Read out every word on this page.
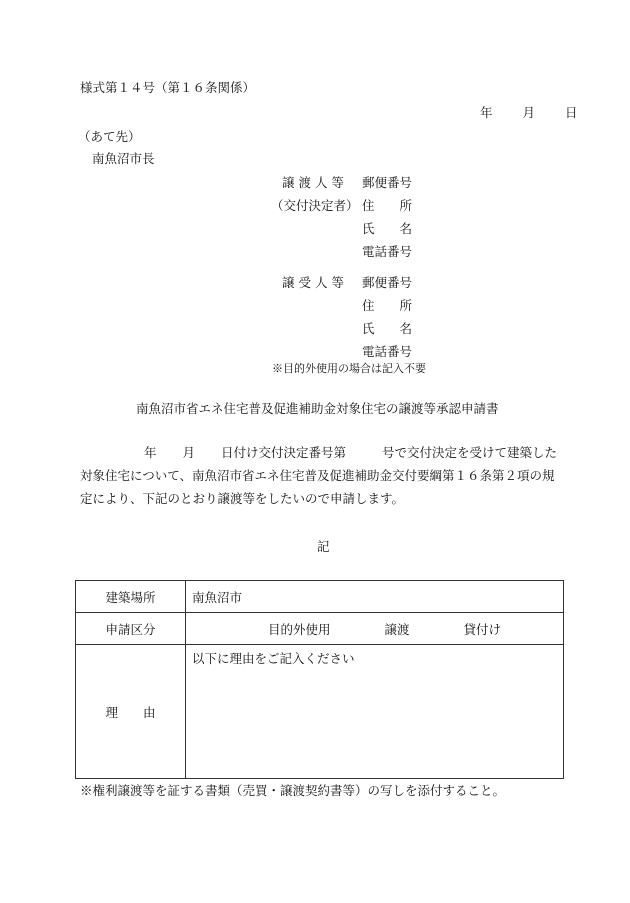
様式第１４号（第１６条関係）
年 月 日
（あて先）
南魚沼市長
譲 渡 人 等
（交付決定者）
郵便番号
住　　所
氏　　名
電話番号
譲 受 人 等 郵便番号
住　　所
氏　　名
電話番号
※目的外使用の場合は記入不要
南魚沼市省エネ住宅普及促進補助金対象住宅の譲渡等承認申請書
年 月 日付け交付決定番号第	号で交付決定を受けて建築した
対象住宅について、南魚沼市省エネ住宅普及促進補助金交付要綱第１６条第２項の規
定により、下記のとおり譲渡等をしたいので申請します。
記
建築場所	南魚沼市
申請区分	目的外使用 譲渡 貸付け

理　　由	以下に理由をご記入ください
※権利譲渡等を証する書類（売買・譲渡契約書等）の写しを添付すること。
